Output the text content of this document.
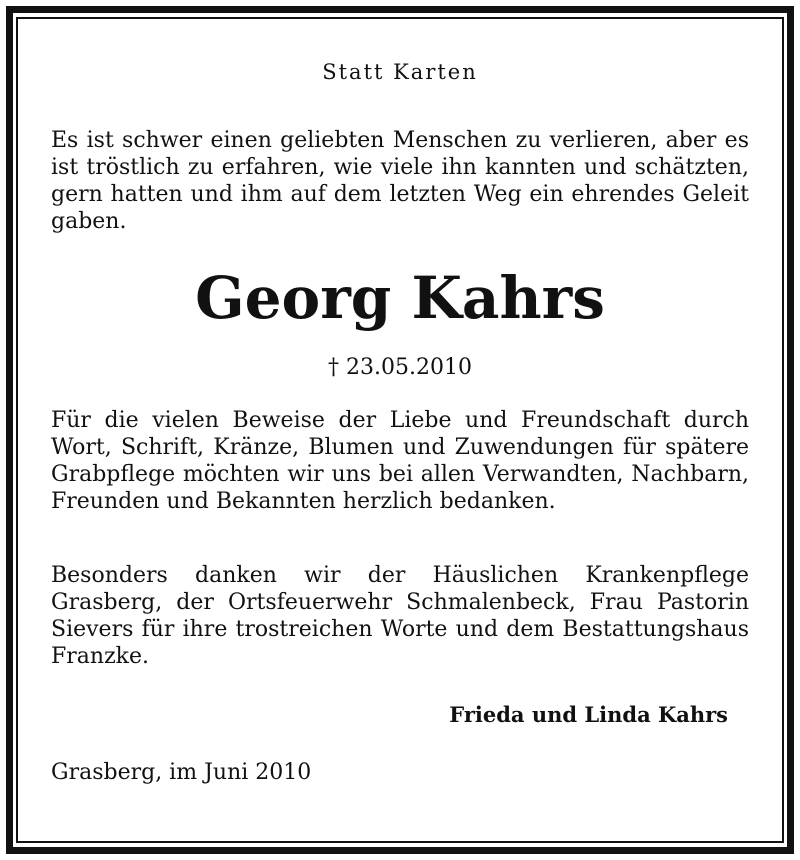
Statt Karten

Es ist schwer einen geliebten Menschen zu verlieren, aber es ist tröstlich zu erfahren, wie viele ihn kannten und schätzten, gern hatten und ihm auf dem letzten Weg ein ehrendes Geleit gaben.

Georg Kahrs

† 23.05.2010

Für die vielen Beweise der Liebe und Freundschaft durch Wort, Schrift, Kränze, Blumen und Zuwendungen für spätere Grabpflege möchten wir uns bei allen Verwandten, Nachbarn, Freunden und Bekannten herzlich bedanken.

Besonders danken wir der Häuslichen Krankenpflege Grasberg, der Ortsfeuerwehr Schmalenbeck, Frau Pastorin Sievers für ihre trostreichen Worte und dem Bestattungshaus Franzke.

Frieda und Linda Kahrs

Grasberg, im Juni 2010
